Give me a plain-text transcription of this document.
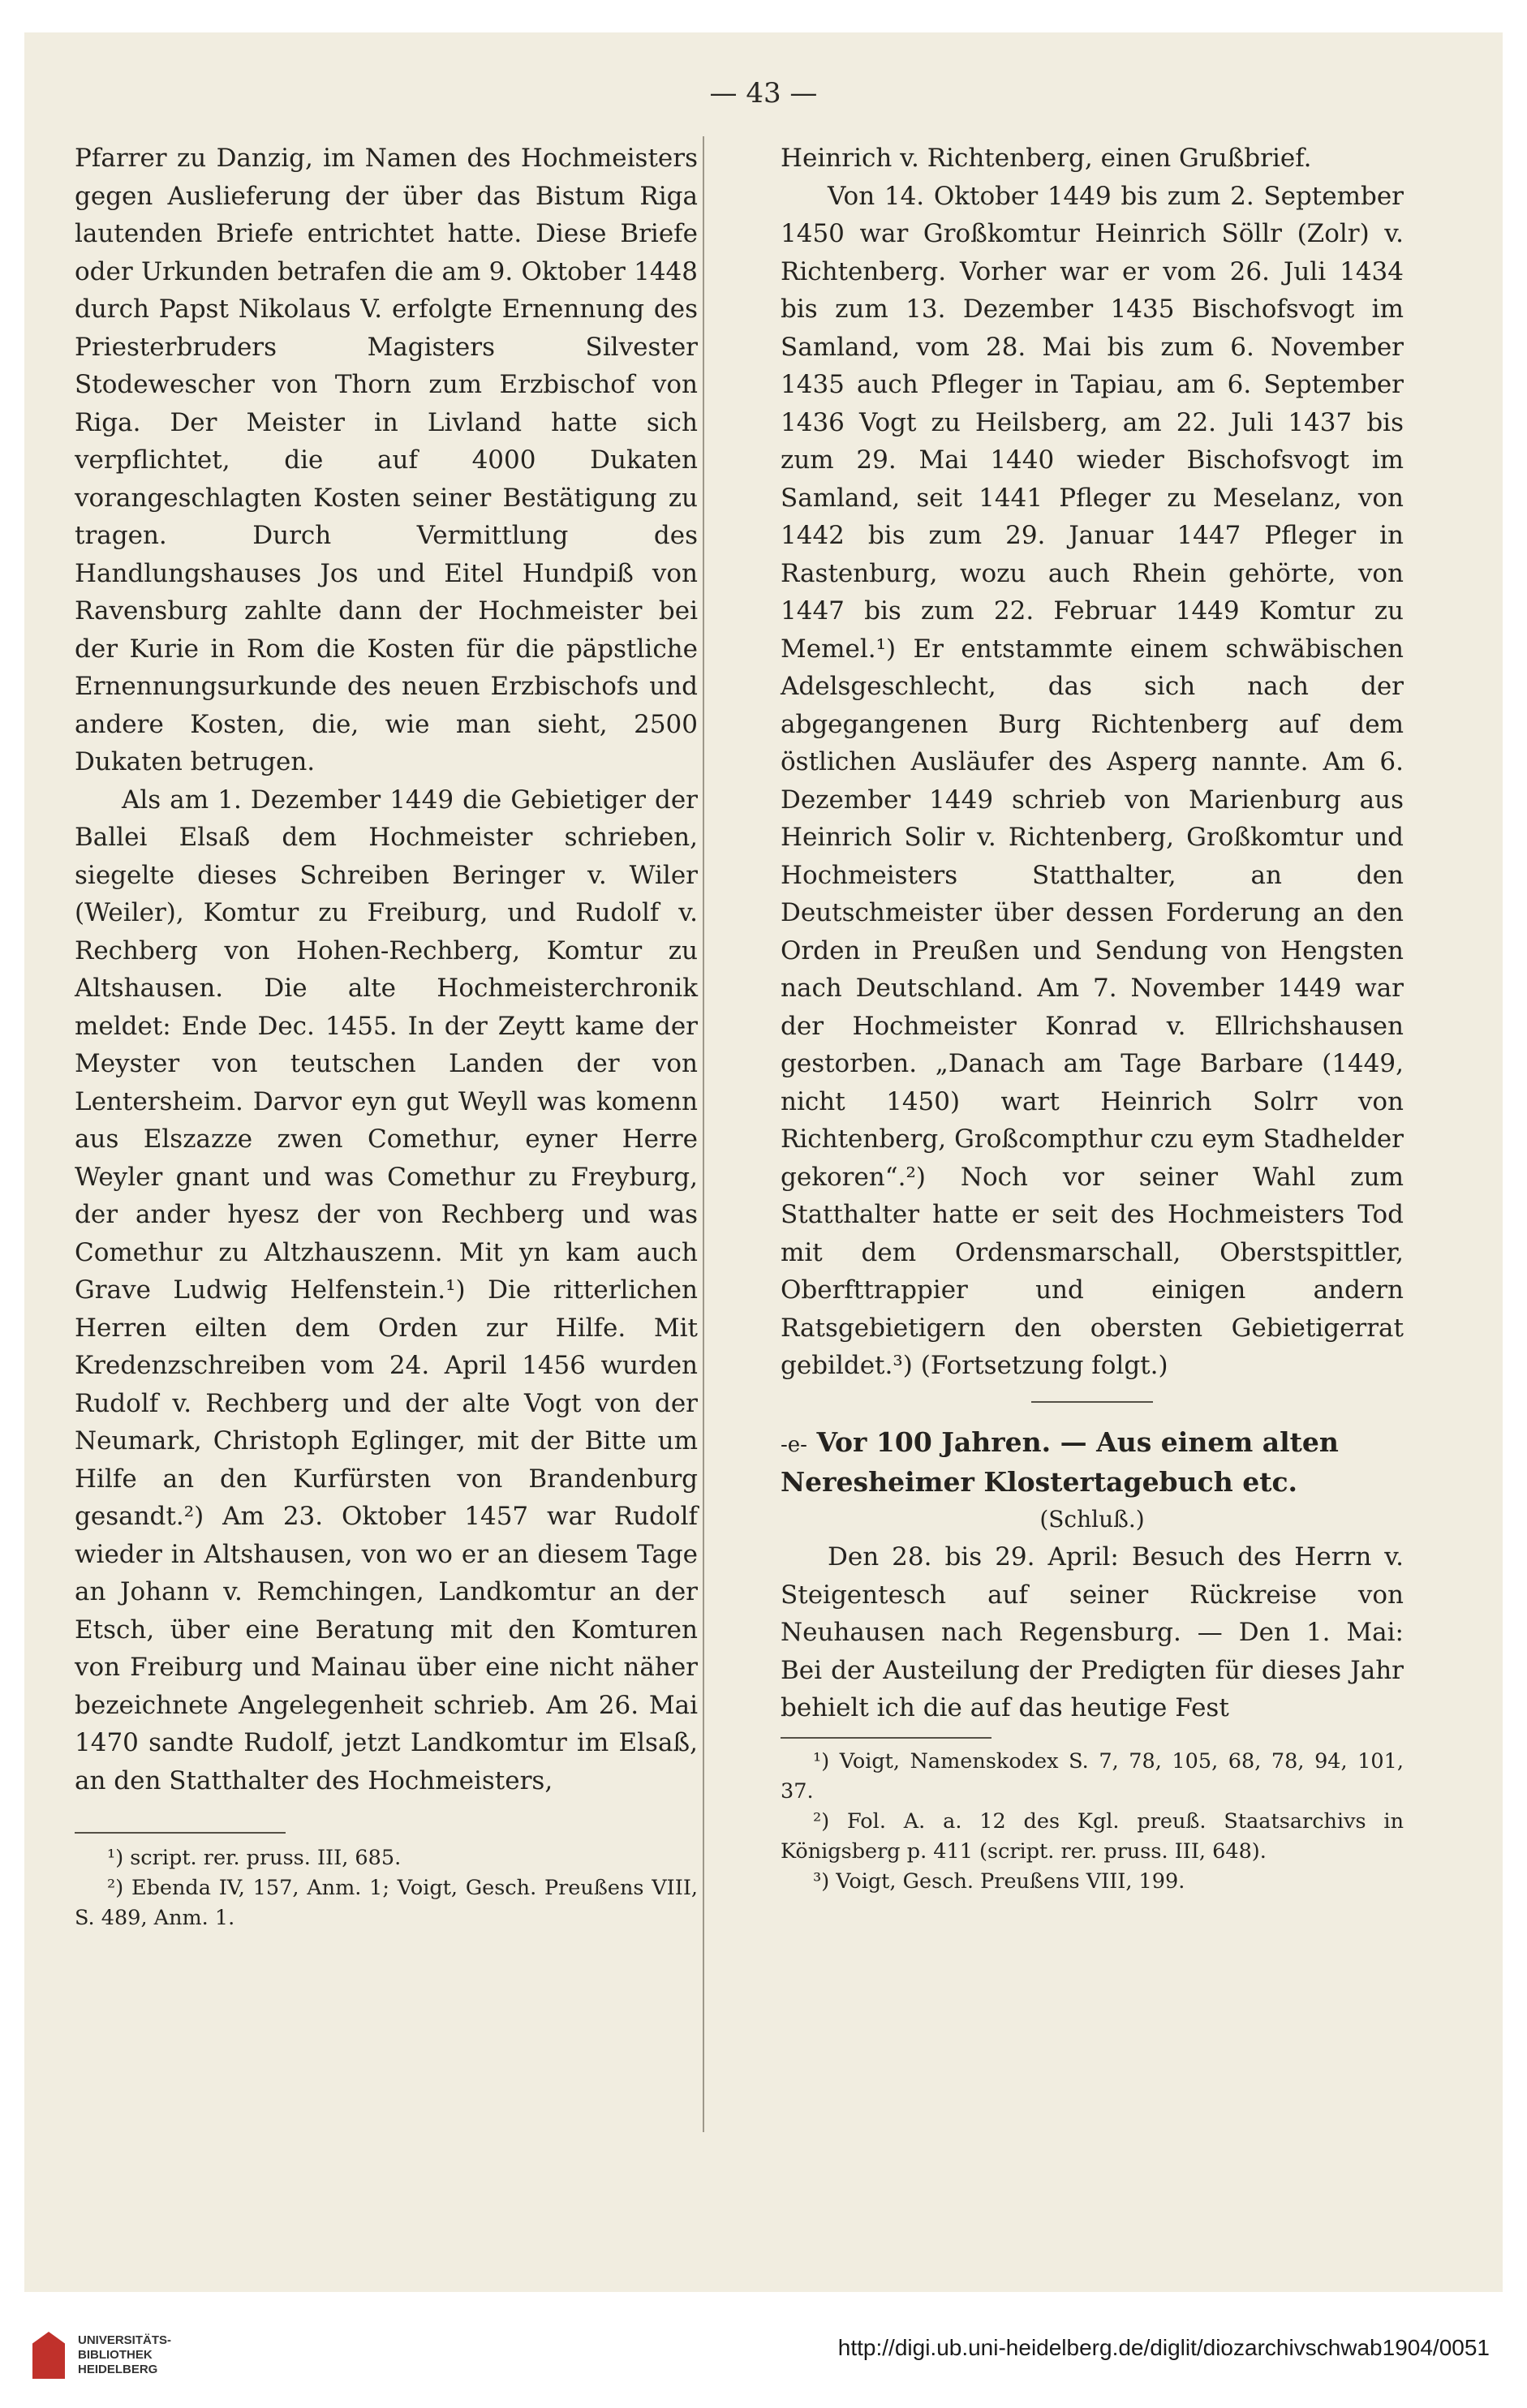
— 43 —

Pfarrer zu Danzig, im Namen des Hochmeisters gegen Auslieferung der über das Bistum Riga lautenden Briefe entrichtet hatte. Diese Briefe oder Urkunden betrafen die am 9. Oktober 1448 durch Papst Nikolaus V. erfolgte Ernennung des Priesterbruders Magisters Silvester Stodewescher von Thorn zum Erzbischof von Riga. Der Meister in Livland hatte sich verpflichtet, die auf 4000 Dukaten vorangeschlagten Kosten seiner Bestätigung zu tragen. Durch Vermittlung des Handlungshauses Jos und Eitel Hundpiß von Ravensburg zahlte dann der Hochmeister bei der Kurie in Rom die Kosten für die päpstliche Ernennungsurkunde des neuen Erzbischofs und andere Kosten, die, wie man sieht, 2500 Dukaten betrugen.

Als am 1. Dezember 1449 die Gebietiger der Ballei Elsaß dem Hochmeister schrieben, siegelte dieses Schreiben Beringer v. Wiler (Weiler), Komtur zu Freiburg, und Rudolf v. Rechberg von Hohen-Rechberg, Komtur zu Altshausen. Die alte Hochmeisterchronik meldet: Ende Dec. 1455. In der Zeytt kame der Meyster von teutschen Landen der von Lentersheim. Darvor eyn gut Weyll was komenn aus Elszazze zwen Comethur, eyner Herre Weyler gnant und was Comethur zu Freyburg, der ander hyesz der von Rechberg und was Comethur zu Altzhauszenn. Mit yn kam auch Grave Ludwig Helfenstein.¹) Die ritterlichen Herren eilten dem Orden zur Hilfe. Mit Kredenzschreiben vom 24. April 1456 wurden Rudolf v. Rechberg und der alte Vogt von der Neumark, Christoph Eglinger, mit der Bitte um Hilfe an den Kurfürsten von Brandenburg gesandt.²) Am 23. Oktober 1457 war Rudolf wieder in Altshausen, von wo er an diesem Tage an Johann v. Remchingen, Landkomtur an der Etsch, über eine Beratung mit den Komturen von Freiburg und Mainau über eine nicht näher bezeichnete Angelegenheit schrieb. Am 26. Mai 1470 sandte Rudolf, jetzt Landkomtur im Elsaß, an den Statthalter des Hochmeisters,

¹) script. rer. pruss. III, 685.

²) Ebenda IV, 157, Anm. 1; Voigt, Gesch. Preußens VIII, S. 489, Anm. 1.

Heinrich v. Richtenberg, einen Grußbrief.

Von 14. Oktober 1449 bis zum 2. September 1450 war Großkomtur Heinrich Söllr (Zolr) v. Richtenberg. Vorher war er vom 26. Juli 1434 bis zum 13. Dezember 1435 Bischofsvogt im Samland, vom 28. Mai bis zum 6. November 1435 auch Pfleger in Tapiau, am 6. September 1436 Vogt zu Heilsberg, am 22. Juli 1437 bis zum 29. Mai 1440 wieder Bischofsvogt im Samland, seit 1441 Pfleger zu Meselanz, von 1442 bis zum 29. Januar 1447 Pfleger in Rastenburg, wozu auch Rhein gehörte, von 1447 bis zum 22. Februar 1449 Komtur zu Memel.¹) Er entstammte einem schwäbischen Adelsgeschlecht, das sich nach der abgegangenen Burg Richtenberg auf dem östlichen Ausläufer des Asperg nannte. Am 6. Dezember 1449 schrieb von Marienburg aus Heinrich Solir v. Richtenberg, Großkomtur und Hochmeisters Statthalter, an den Deutschmeister über dessen Forderung an den Orden in Preußen und Sendung von Hengsten nach Deutschland. Am 7. November 1449 war der Hochmeister Konrad v. Ellrichshausen gestorben. „Danach am Tage Barbare (1449, nicht 1450) wart Heinrich Solrr von Richtenberg, Großcompthur czu eym Stadhelder gekoren“.²) Noch vor seiner Wahl zum Statthalter hatte er seit des Hochmeisters Tod mit dem Ordensmarschall, Oberstspittler, Oberfttrappier und einigen andern Ratsgebietigern den obersten Gebietigerrat gebildet.³) (Fortsetzung folgt.)

-e- Vor 100 Jahren. — Aus einem alten Neresheimer Klostertagebuch etc.
(Schluß.)

Den 28. bis 29. April: Besuch des Herrn v. Steigentesch auf seiner Rückreise von Neuhausen nach Regensburg. — Den 1. Mai: Bei der Austeilung der Predigten für dieses Jahr behielt ich die auf das heutige Fest

¹) Voigt, Namenskodex S. 7, 78, 105, 68, 78, 94, 101, 37.

²) Fol. A. a. 12 des Kgl. preuß. Staatsarchivs in Königsberg p. 411 (script. rer. pruss. III, 648).

³) Voigt, Gesch. Preußens VIII, 199.

UNIVERSITÄTS-
BIBLIOTHEK
HEIDELBERG
http://digi.ub.uni-heidelberg.de/diglit/diozarchivschwab1904/0051
